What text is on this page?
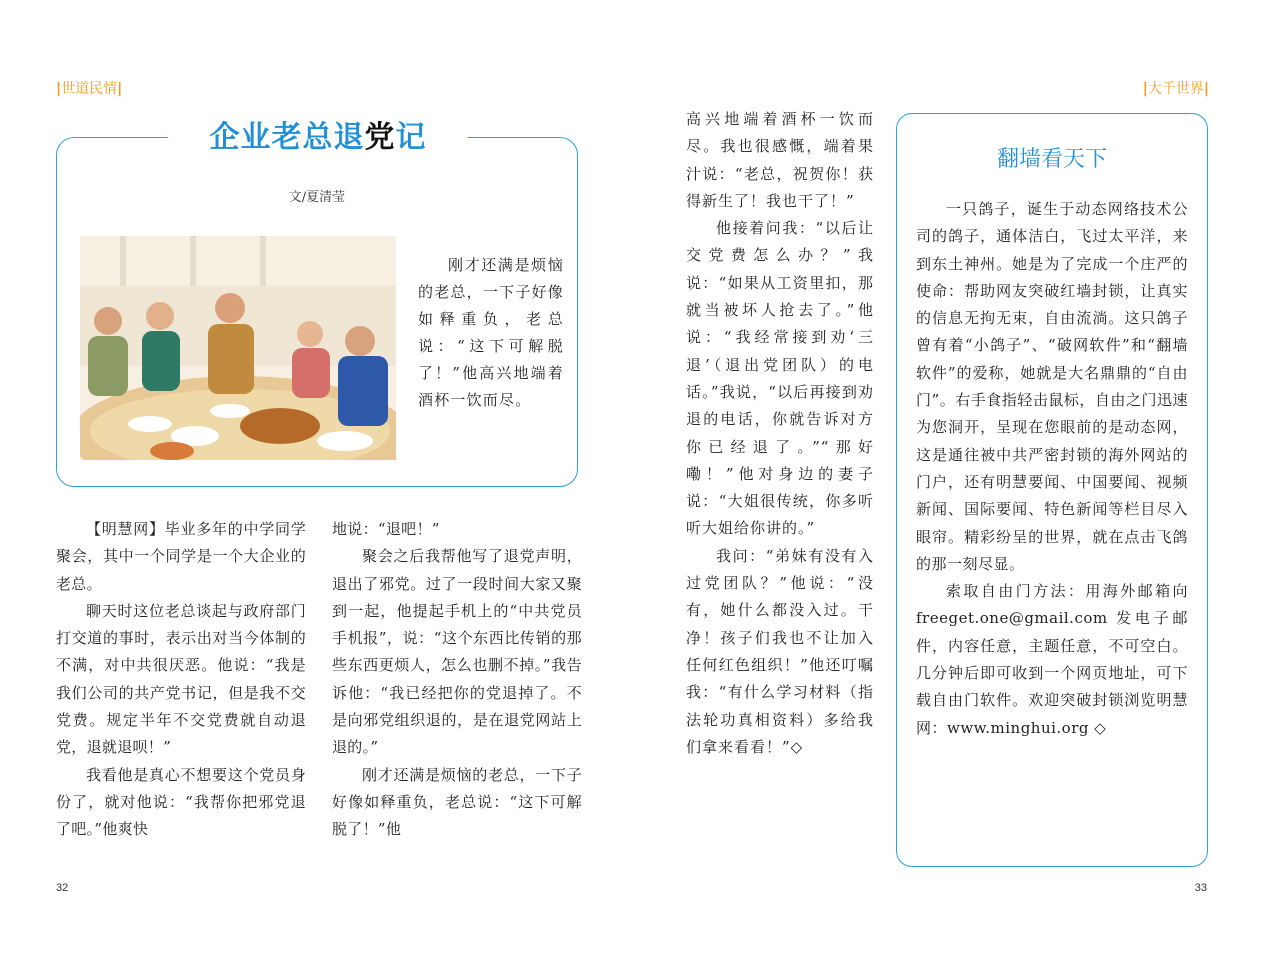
|世道民情|	|大千世界|
企业老总退党记
文/夏清莹

刚才还满是烦恼的老总，一下子好像如释重负，老总说：“这下可解脱了！”他高兴地端着酒杯一饮而尽。

【明慧网】毕业多年的中学同学聚会，其中一个同学是一个大企业的老总。

聊天时这位老总谈起与政府部门打交道的事时，表示出对当今体制的不满，对中共很厌恶。他说：“我是我们公司的共产党书记，但是我不交党费。规定半年不交党费就自动退党，退就退呗！”

我看他是真心不想要这个党员身份了，就对他说：“我帮你把邪党退了吧。”他爽快

地说：“退吧！”

聚会之后我帮他写了退党声明，退出了邪党。过了一段时间大家又聚到一起，他提起手机上的“中共党员手机报”，说：“这个东西比传销的那些东西更烦人，怎么也删不掉。”我告诉他：“我已经把你的党退掉了。不是向邪党组织退的，是在退党网站上退的。”

刚才还满是烦恼的老总，一下子好像如释重负，老总说：“这下可解脱了！”他

高兴地端着酒杯一饮而尽。我也很感慨，端着果汁说：“老总，祝贺你！获得新生了！我也干了！”

他接着问我：“以后让交党费怎么办？”我说：“如果从工资里扣，那就当被坏人抢去了。”他说：“我经常接到劝‘三退’（退出党团队）的电话。”我说，“以后再接到劝退的电话，你就告诉对方你已经退了。”“那好嘞！”他对身边的妻子说：“大姐很传统，你多听听大姐给你讲的。”

我问：“弟妹有没有入过党团队？”他说：“没有，她什么都没入过。干净！孩子们我也不让加入任何红色组织！”他还叮嘱我：“有什么学习材料（指法轮功真相资料）多给我们拿来看看！”◇

翻墙看天下

一只鸽子，诞生于动态网络技术公司的鸽子，通体洁白，飞过太平洋，来到东土神州。她是为了完成一个庄严的使命：帮助网友突破红墙封锁，让真实的信息无拘无束，自由流淌。这只鸽子曾有着“小鸽子”、“破网软件”和“翻墙软件”的爱称，她就是大名鼎鼎的“自由门”。右手食指轻击鼠标，自由之门迅速为您洞开，呈现在您眼前的是动态网，这是通往被中共严密封锁的海外网站的门户，还有明慧要闻、中国要闻、视频新闻、国际要闻、特色新闻等栏目尽入眼帘。精彩纷呈的世界，就在点击飞鸽的那一刻尽显。

索取自由门方法：用海外邮箱向 freeget.one@gmail.com 发电子邮件，内容任意，主题任意，不可空白。几分钟后即可收到一个网页地址，可下载自由门软件。欢迎突破封锁浏览明慧网：www.minghui.org ◇

32	33
